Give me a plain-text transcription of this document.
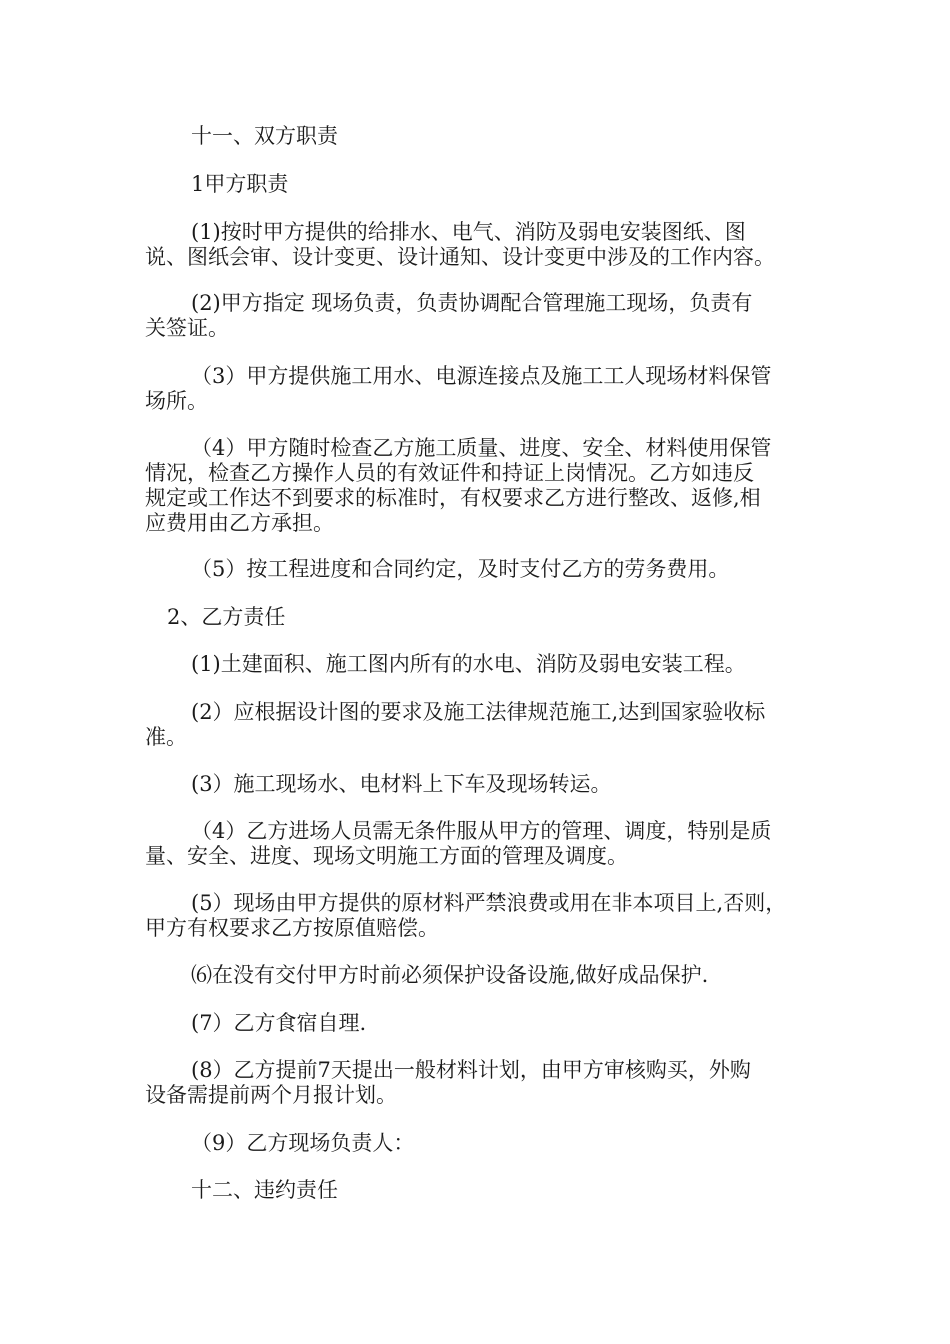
十一、双方职责

1甲方职责

(1)按时甲方提供的给排水、电气、消防及弱电安装图纸、图
说、图纸会审、设计变更、设计通知、设计变更中涉及的工作内容。

(2)甲方指定 现场负责，负责协调配合管理施工现场，负责有
关签证。

（3）甲方提供施工用水、电源连接点及施工工人现场材料保管
场所。

（4）甲方随时检查乙方施工质量、进度、安全、材料使用保管
情况，检查乙方操作人员的有效证件和持证上岗情况。乙方如违反
规定或工作达不到要求的标准时，有权要求乙方进行整改、返修,相
应费用由乙方承担。

（5）按工程进度和合同约定，及时支付乙方的劳务费用。

2、乙方责任

(1)土建面积、施工图内所有的水电、消防及弱电安装工程。

(2）应根据设计图的要求及施工法律规范施工,达到国家验收标
准。

(3）施工现场水、电材料上下车及现场转运。

（4）乙方进场人员需无条件服从甲方的管理、调度，特别是质
量、安全、进度、现场文明施工方面的管理及调度。

(5）现场由甲方提供的原材料严禁浪费或用在非本项目上,否则，
甲方有权要求乙方按原值赔偿。

⑹在没有交付甲方时前必须保护设备设施,做好成品保护.

(7）乙方食宿自理.

(8）乙方提前7天提出一般材料计划，由甲方审核购买，外购
设备需提前两个月报计划。

（9）乙方现场负责人：

十二、违约责任
